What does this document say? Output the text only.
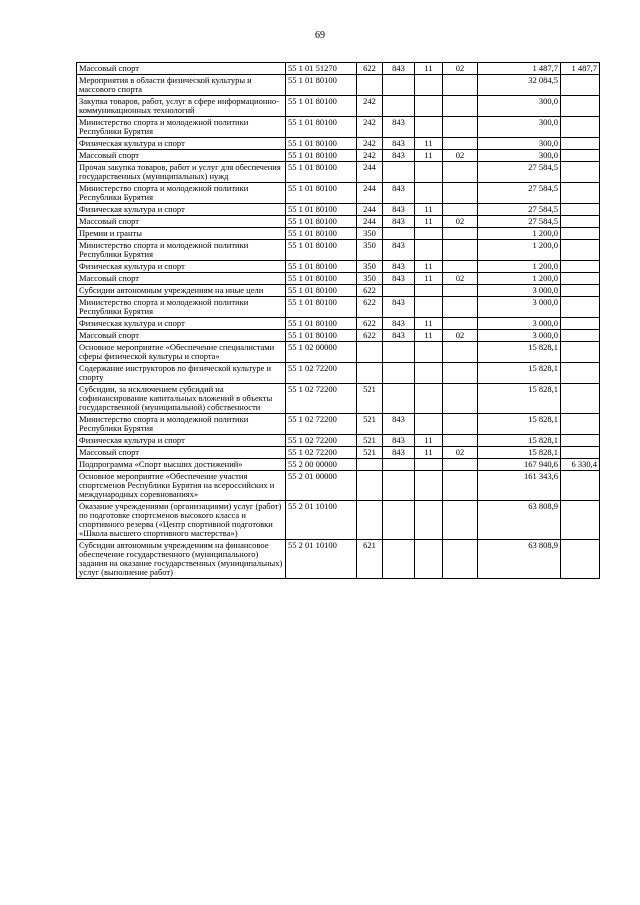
69
Массовый спорт	55 1 01 51270	622	843	11	02	1 487,7	1 487,7
Мероприятия в области физической культуры и массового спорта	55 1 01 80100					32 084,5	
Закупка товаров, работ, услуг в сфере информационно-коммуникационных технологий	55 1 01 80100	242				300,0	
Министерство спорта и молодежной политики Республики Бурятия	55 1 01 80100	242	843			300,0	
Физическая культура и спорт	55 1 01 80100	242	843	11		300,0	
Массовый спорт	55 1 01 80100	242	843	11	02	300,0	
Прочая закупка товаров, работ и услуг для обеспечения государственных (муниципальных) нужд	55 1 01 80100	244				27 584,5	
Министерство спорта и молодежной политики Республики Бурятия	55 1 01 80100	244	843			27 584,5	
Физическая культура и спорт	55 1 01 80100	244	843	11		27 584,5	
Массовый спорт	55 1 01 80100	244	843	11	02	27 584,5	
Премии и гранты	55 1 01 80100	350				1 200,0	
Министерство спорта и молодежной политики Республики Бурятия	55 1 01 80100	350	843			1 200,0	
Физическая культура и спорт	55 1 01 80100	350	843	11		1 200,0	
Массовый спорт	55 1 01 80100	350	843	11	02	1 200,0	
Субсидии автономным учреждениям на иные цели	55 1 01 80100	622				3 000,0	
Министерство спорта и молодежной политики Республики Бурятия	55 1 01 80100	622	843			3 000,0	
Физическая культура и спорт	55 1 01 80100	622	843	11		3 000,0	
Массовый спорт	55 1 01 80100	622	843	11	02	3 000,0	
Основное мероприятие «Обеспечение специалистами сферы физической культуры и спорта»	55 1 02 00000					15 828,1	
Содержание инструкторов по физической культуре и спорту	55 1 02 72200					15 828,1	
Субсидии, за исключением субсидий на софинансирование капитальных вложений в объекты государственной (муниципальной) собственности	55 1 02 72200	521				15 828,1	
Министерство спорта и молодежной политики Республики Бурятия	55 1 02 72200	521	843			15 828,1	
Физическая культура и спорт	55 1 02 72200	521	843	11		15 828,1	
Массовый спорт	55 1 02 72200	521	843	11	02	15 828,1	
Подпрограмма «Спорт высших достижений»	55 2 00 00000					167 940,6	6 330,4
Основное мероприятие «Обеспечение участия спортсменов Республики Бурятия на всероссийских и международных соревнованиях»	55 2 01 00000					161 343,6	
Оказание учреждениями (организациями) услуг (работ) по подготовке спортсменов высокого класса и спортивного резерва («Центр спортивной подготовки «Школа высшего спортивного мастерства»)	55 2 01 10100					63 808,9	
Субсидии автономным учреждениям на финансовое обеспечение государственного (муниципального) задания на оказание государственных (муниципальных) услуг (выполнение работ)	55 2 01 10100	621				63 808,9	
